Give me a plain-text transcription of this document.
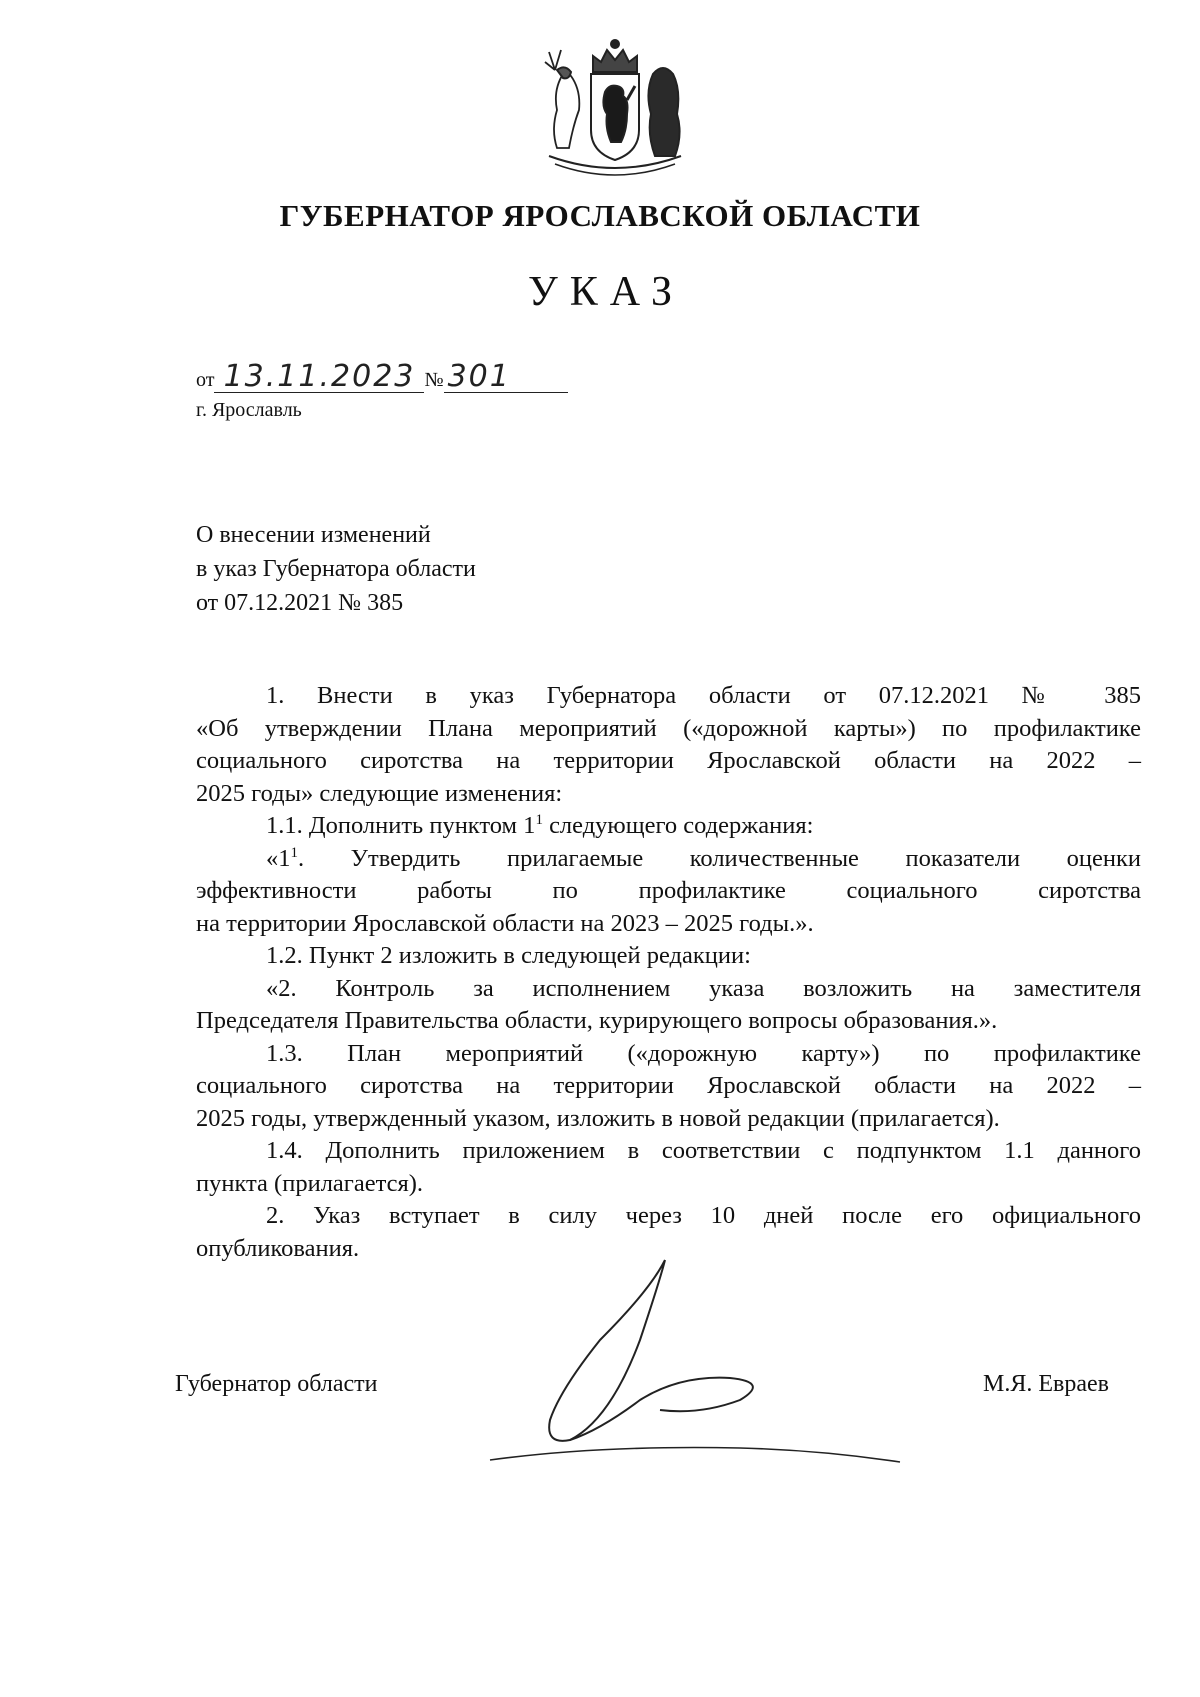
ГУБЕРНАТОР ЯРОСЛАВСКОЙ ОБЛАСТИ
УКАЗ
от 13.11.2023 № 301
г. Ярославль
О внесении изменений
в указ Губернатора области
от 07.12.2021 № 385

1. Внести в указ Губернатора области от 07.12.2021 № 385

«Об утверждении Плана мероприятий («дорожной карты») по профилактике

социального сиротства на территории Ярославской области на 2022 –

2025 годы» следующие изменения:

1.1. Дополнить пунктом $1^1$ следующего содержания:

«$1^1$. Утвердить прилагаемые количественные показатели оценки

эффективности работы по профилактике социального сиротства

на территории Ярославской области на 2023 – 2025 годы.».

1.2. Пункт 2 изложить в следующей редакции:

«2. Контроль за исполнением указа возложить на заместителя

Председателя Правительства области, курирующего вопросы образования.».

1.3. План мероприятий («дорожную карту») по профилактике

социального сиротства на территории Ярославской области на 2022 –

2025 годы, утвержденный указом, изложить в новой редакции (прилагается).

1.4. Дополнить приложением в соответствии с подпунктом 1.1 данного

пункта (прилагается).

2. Указ вступает в силу через 10 дней после его официального

опубликования.

Губернатор области	М.Я. Евраев
